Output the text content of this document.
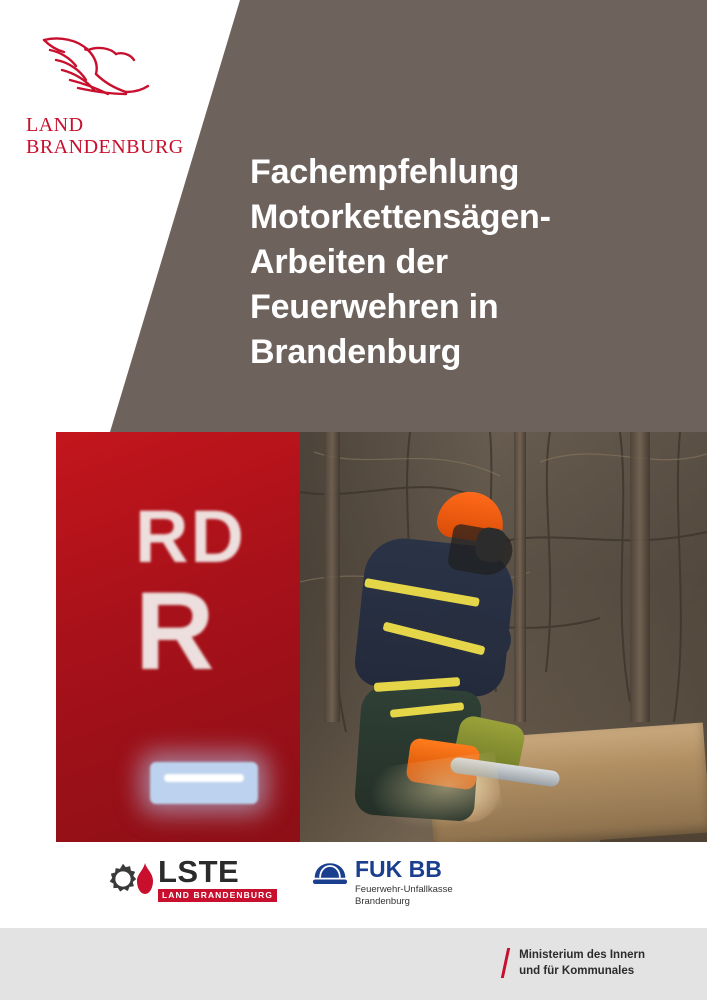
LAND
BRANDENBURG
Fachempfehlung
Motorkettensägen-
Arbeiten der
Feuerwehren in
Brandenburg
RD
R
LSTE
LAND BRANDENBURG
FUK BB
Feuerwehr-Unfallkasse
Brandenburg
Ministerium des Innern
und für Kommunales
